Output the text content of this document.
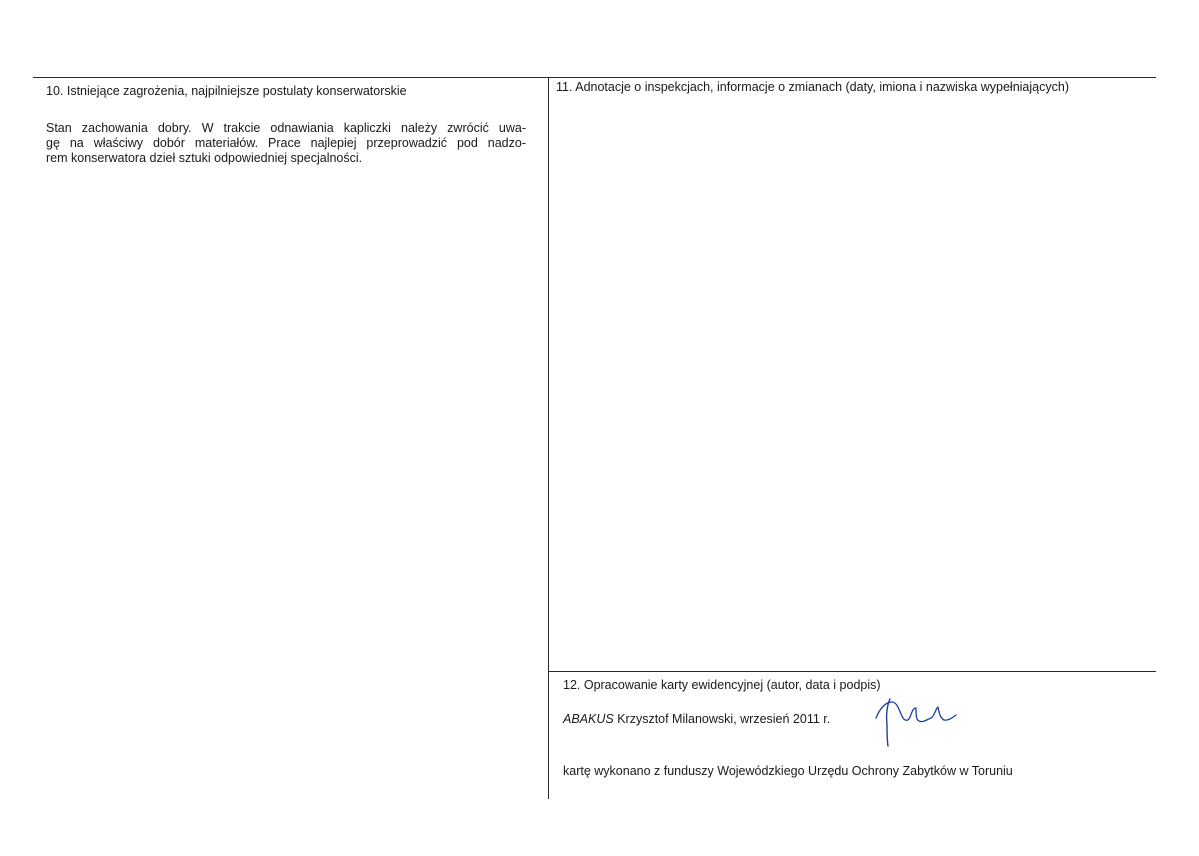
10. Istniejące zagrożenia, najpilniejsze postulaty konserwatorskie
Stan zachowania dobry. W trakcie odnawiania kapliczki należy zwrócić uwa-
gę na właściwy dobór materiałów. Prace najlepiej przeprowadzić pod nadzo-
rem konserwatora dzieł sztuki odpowiedniej specjalności.
11. Adnotacje o inspekcjach, informacje o zmianach (daty, imiona i nazwiska wypełniających)
12. Opracowanie karty ewidencyjnej (autor, data i podpis)
ABAKUS Krzysztof Milanowski, wrzesień 2011 r.
kartę wykonano z funduszy Wojewódzkiego Urzędu Ochrony Zabytków w Toruniu
